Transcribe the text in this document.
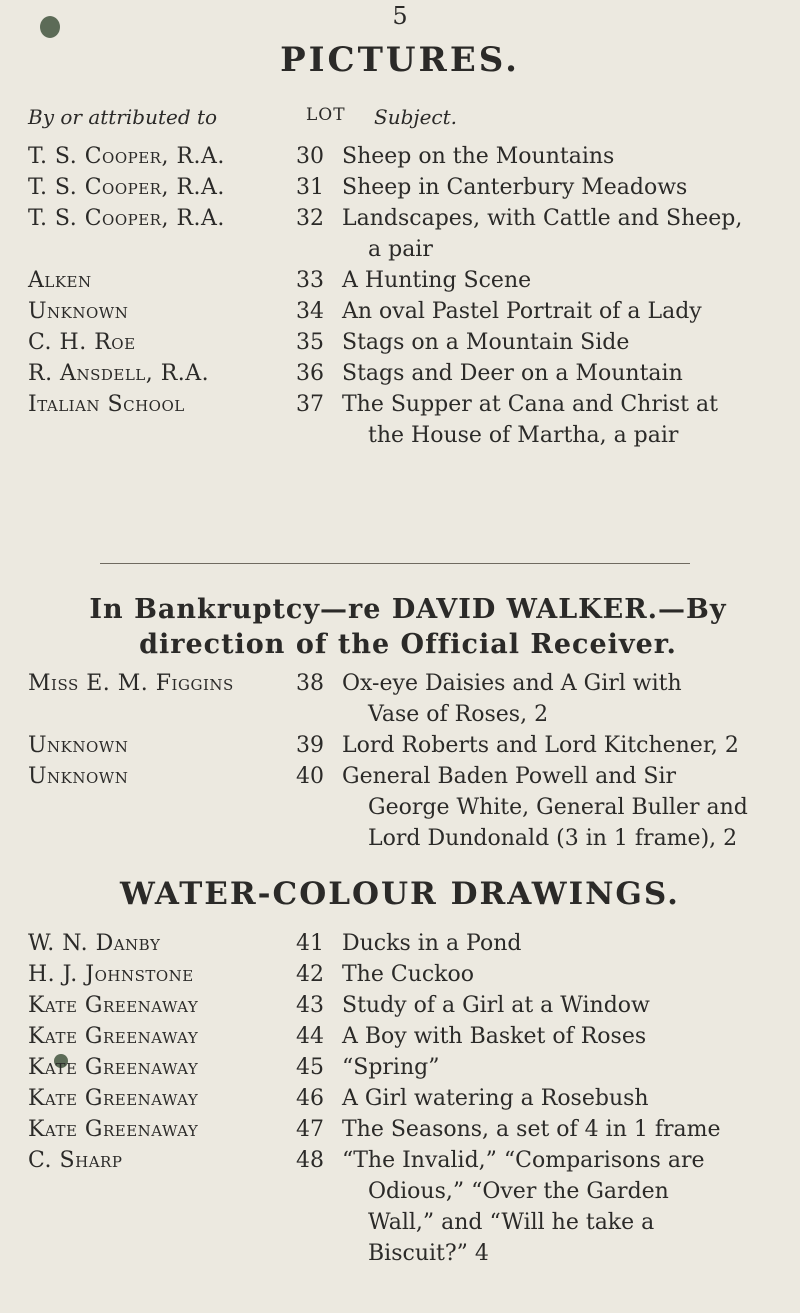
5
PICTURES.
By or attributed to	LOT	Subject.
T. S. Cooper, R.A.	30 Sheep on the Mountains
T. S. Cooper, R.A.	31 Sheep in Canterbury Meadows
T. S. Cooper, R.A.	32 Landscapes, with Cattle and Sheep,
a pair
Alken	33 A Hunting Scene
Unknown	34 An oval Pastel Portrait of a Lady
C. H. Roe	35 Stags on a Mountain Side
R. Ansdell, R.A.	36 Stags and Deer on a Mountain
Italian School	37 The Supper at Cana and Christ at
the House of Martha, a pair
In Bankruptcy—re DAVID WALKER.—By direction of the Official Receiver.
Miss E. M. Figgins	38 Ox-eye Daisies and A Girl with
Vase of Roses, 2
Unknown	39 Lord Roberts and Lord Kitchener, 2
Unknown	40 General Baden Powell and Sir
George White, General Buller and
Lord Dundonald (3 in 1 frame), 2
WATER-COLOUR DRAWINGS.
W. N. Danby	41 Ducks in a Pond
H. J. Johnstone	42 The Cuckoo
Kate Greenaway	43 Study of a Girl at a Window
Kate Greenaway	44 A Boy with Basket of Roses
Kate Greenaway	45 “Spring”
Kate Greenaway	46 A Girl watering a Rosebush
Kate Greenaway	47 The Seasons, a set of 4 in 1 frame
C. Sharp	48 “The Invalid,” “Comparisons are
Odious,” “Over the Garden
Wall,” and “Will he take a
Biscuit?” 4
